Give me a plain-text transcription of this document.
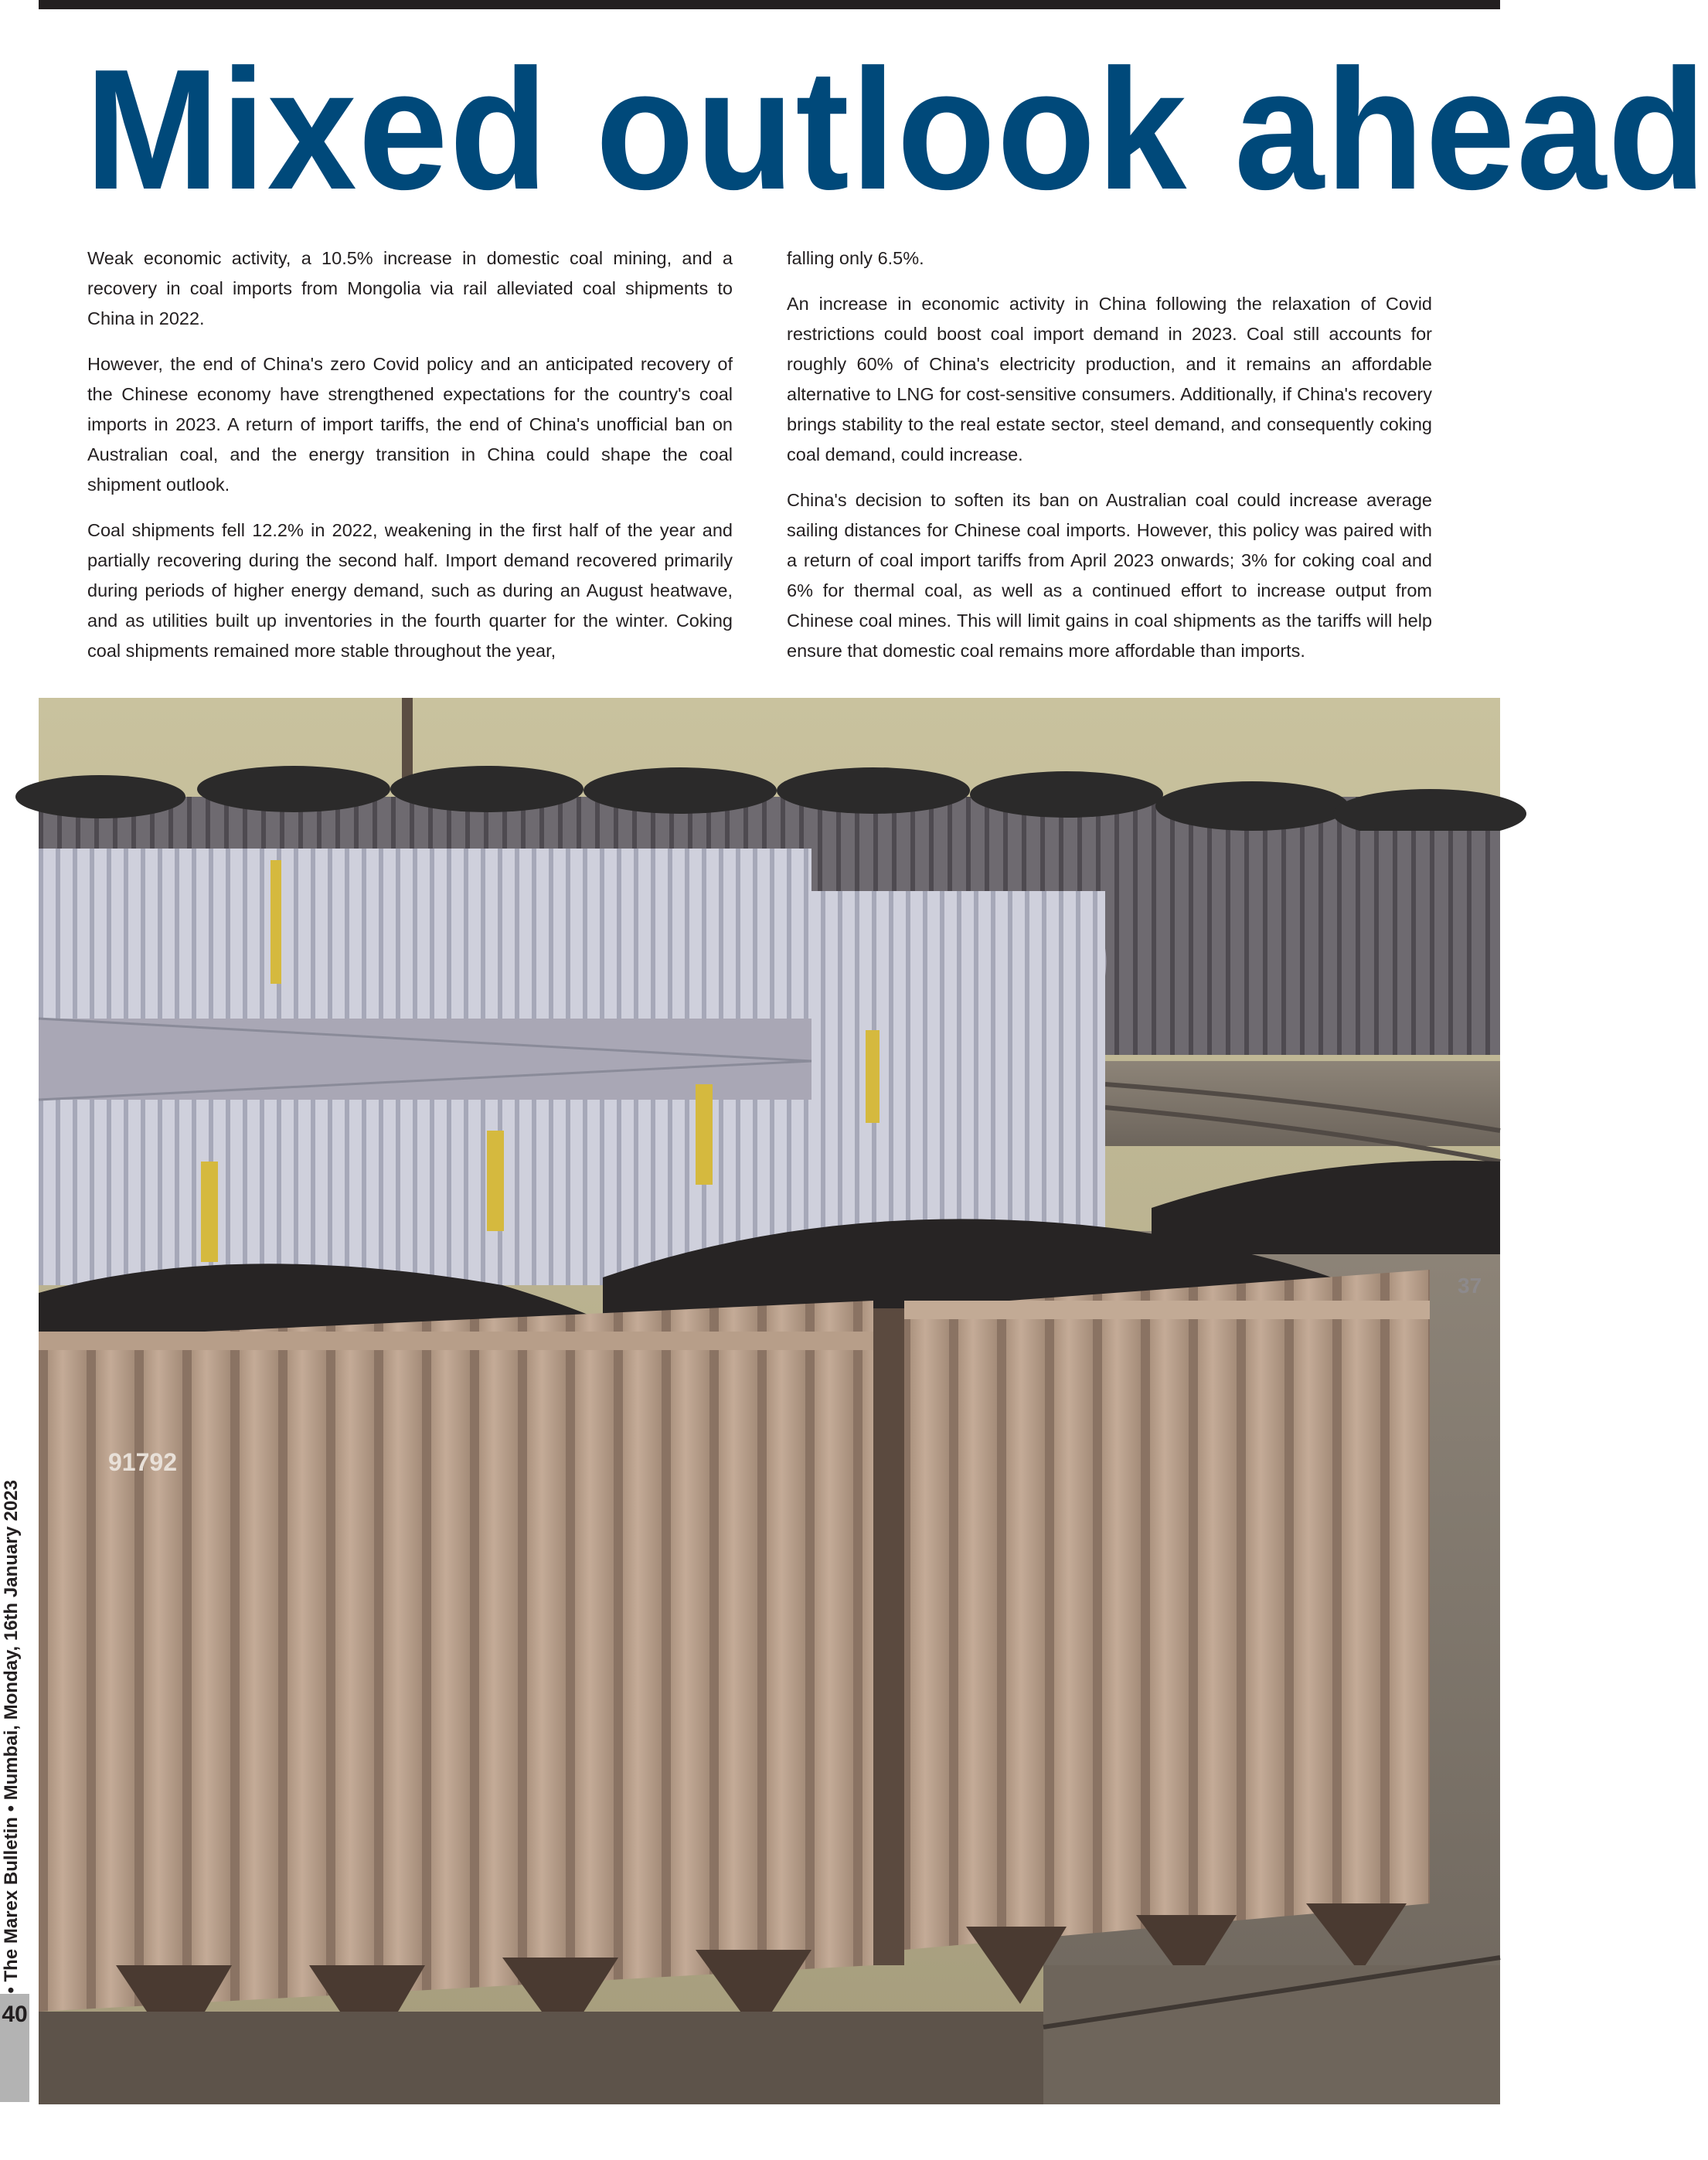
Mixed outlook ahead

Weak economic activity, a 10.5% increase in domestic coal mining, and a recovery in coal imports from Mongolia via rail alleviated coal shipments to China in 2022.

However, the end of China's zero Covid policy and an anticipated recovery of the Chinese economy have strengthened expectations for the country's coal imports in 2023. A return of import tariffs, the end of China's unofficial ban on Australian coal, and the energy transition in China could shape the coal shipment outlook.

Coal shipments fell 12.2% in 2022, weakening in the first half of the year and partially recovering during the second half. Import demand recovered primarily during periods of higher energy demand, such as during an August heatwave, and as utilities built up inventories in the fourth quarter for the winter. Coking coal shipments remained more stable throughout the year,

falling only 6.5%.

An increase in economic activity in China following the relaxation of Covid restrictions could boost coal import demand in 2023. Coal still accounts for roughly 60% of China's electricity production, and it remains an affordable alternative to LNG for cost-sensitive consumers. Additionally, if China's recovery brings stability to the real estate sector, steel demand, and consequently coking coal demand, could increase.

China's decision to soften its ban on Australian coal could increase average sailing distances for Chinese coal imports. However, this policy was paired with a return of coal import tariffs from April 2023 onwards; 3% for coking coal and 6% for thermal coal, as well as a continued effort to increase output from Chinese coal mines. This will limit gains in coal shipments as the tariffs will help ensure that domestic coal remains more affordable than imports.

91792
37
• The Marex Bulletin • Mumbai, Monday, 16th January 2023
40
